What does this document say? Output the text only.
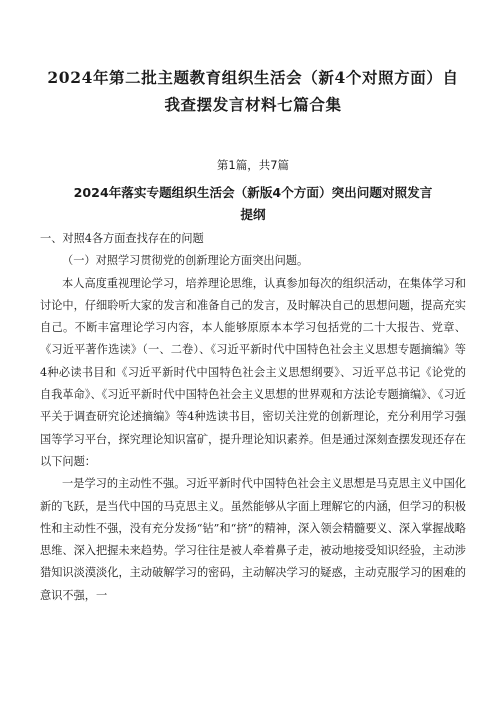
2024年第二批主题教育组织生活会（新4个对照方面）自
我查摆发言材料七篇合集

第1篇，共7篇

2024年落实专题组织生活会（新版4个方面）突出问题对照发言
提纲

一、对照4各方面查找存在的问题

（一）对照学习贯彻党的创新理论方面突出问题。

本人高度重视理论学习，培养理论思维，认真参加每次的组织活动，在集体学习和讨论中，仔细聆听大家的发言和准备自己的发言，及时解决自己的思想问题，提高充实自己。不断丰富理论学习内容，本人能够原原本本学习包括党的二十大报告、党章、《习近平著作选读》（一、二卷）、《习近平新时代中国特色社会主义思想专题摘编》等4种必读书目和《习近平新时代中国特色社会主义思想纲要》、习近平总书记《论党的自我革命》、《习近平新时代中国特色社会主义思想的世界观和方法论专题摘编》、《习近平关于调查研究论述摘编》等4种选读书目，密切关注党的创新理论，充分利用学习强国等学习平台，探究理论知识富矿，提升理论知识素养。但是通过深刻查摆发现还存在以下问题：

一是学习的主动性不强。习近平新时代中国特色社会主义思想是马克思主义中国化新的飞跃，是当代中国的马克思主义。虽然能够从字面上理解它的内涵，但学习的积极性和主动性不强，没有充分发扬“钻”和“挤”的精神，深入领会精髓要义、深入掌握战略思维、深入把握未来趋势。学习往往是被人牵着鼻子走，被动地接受知识经验，主动涉猎知识淡漠淡化，主动破解学习的密码，主动解决学习的疑惑，主动克服学习的困难的意识不强，一
